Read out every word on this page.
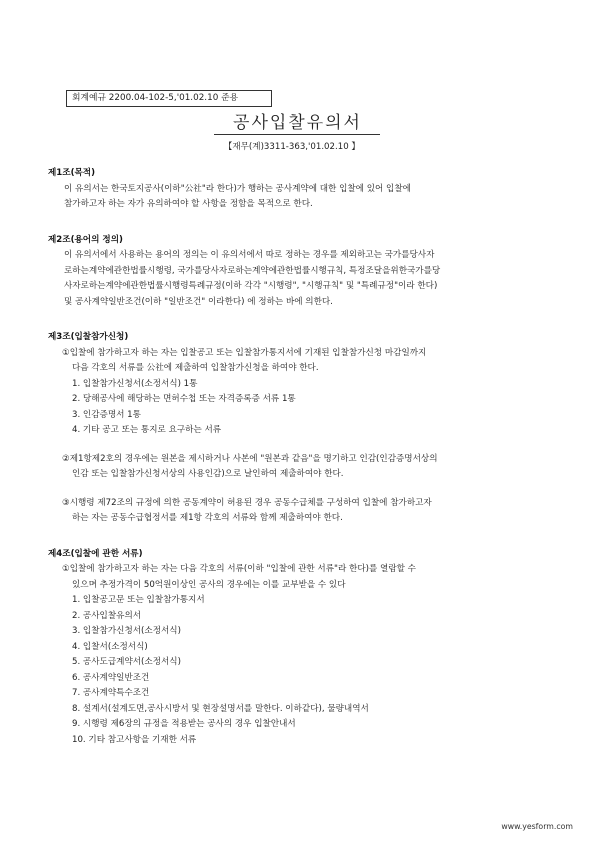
회계예규 2200.04-102-5,'01.02.10 준용
공사입찰유의서
【재무(계)3311-363,'01.02.10 】
제1조(목적)
이 유의서는 한국토지공사(이하"公社"라 한다)가 행하는 공사계약에 대한 입찰에 있어 입찰에
참가하고자 하는 자가 유의하여야 할 사항을 정함을 목적으로 한다.
제2조(용어의 정의)
이 유의서에서 사용하는 용어의 정의는 이 유의서에서 따로 정하는 경우를 제외하고는 국가를당사자
로하는계약에관한법률시행령, 국가를당사자로하는계약에관한법률시행규칙, 특정조달을위한국가를당
사자로하는계약에관한법률시행령특례규정(이하 각각 "시행령", "시행규칙" 및 "특례규정"이라 한다)
및 공사계약일반조건(이하 "일반조건" 이라한다) 에 정하는 바에 의한다.
제3조(입찰참가신청)
①입찰에 참가하고자 하는 자는 입찰공고 또는 입찰참가통지서에 기재된 입찰참가신청 마감일까지
다음 각호의 서류를 公社에 제출하여 입찰참가신청을 하여야 한다.
1. 입찰참가신청서(소정서식) 1통
2. 당해공사에 해당하는 면허수첩 또는 자격증록증 서류 1통
3. 인감증명서 1통
4. 기타 공고 또는 통지로 요구하는 서류
②제1항제2호의 경우에는 원본을 제시하거나 사본에 "원본과 같음"을 명기하고 인감(인감증명서상의
인감 또는 입찰참가신청서상의 사용인감)으로 날인하여 제출하여야 한다.
③시행령 제72조의 규정에 의한 공동계약이 허용된 경우 공동수급체를 구성하여 입찰에 참가하고자
하는 자는 공동수급협정서를 제1항 각호의 서류와 함께 제출하여야 한다.
제4조(입찰에 관한 서류)
①입찰에 참가하고자 하는 자는 다음 각호의 서류(이하 "입찰에 관한 서류"라 한다)를 열람할 수
있으며 추정가격이 50억원이상인 공사의 경우에는 이를 교부받을 수 있다
1. 입찰공고문 또는 입찰참가통지서
2. 공사입찰유의서
3. 입찰참가신청서(소정서식)
4. 입찰서(소정서식)
5. 공사도급계약서(소정서식)
6. 공사계약일반조건
7. 공사계약특수조건
8. 설계서(설계도면,공사시방서 및 현장설명서를 말한다. 이하같다), 물량내역서
9. 시행령 제6장의 규정을 적용받는 공사의 경우 입찰안내서
10. 기타 참고사항을 기재한 서류
www.yesform.com
